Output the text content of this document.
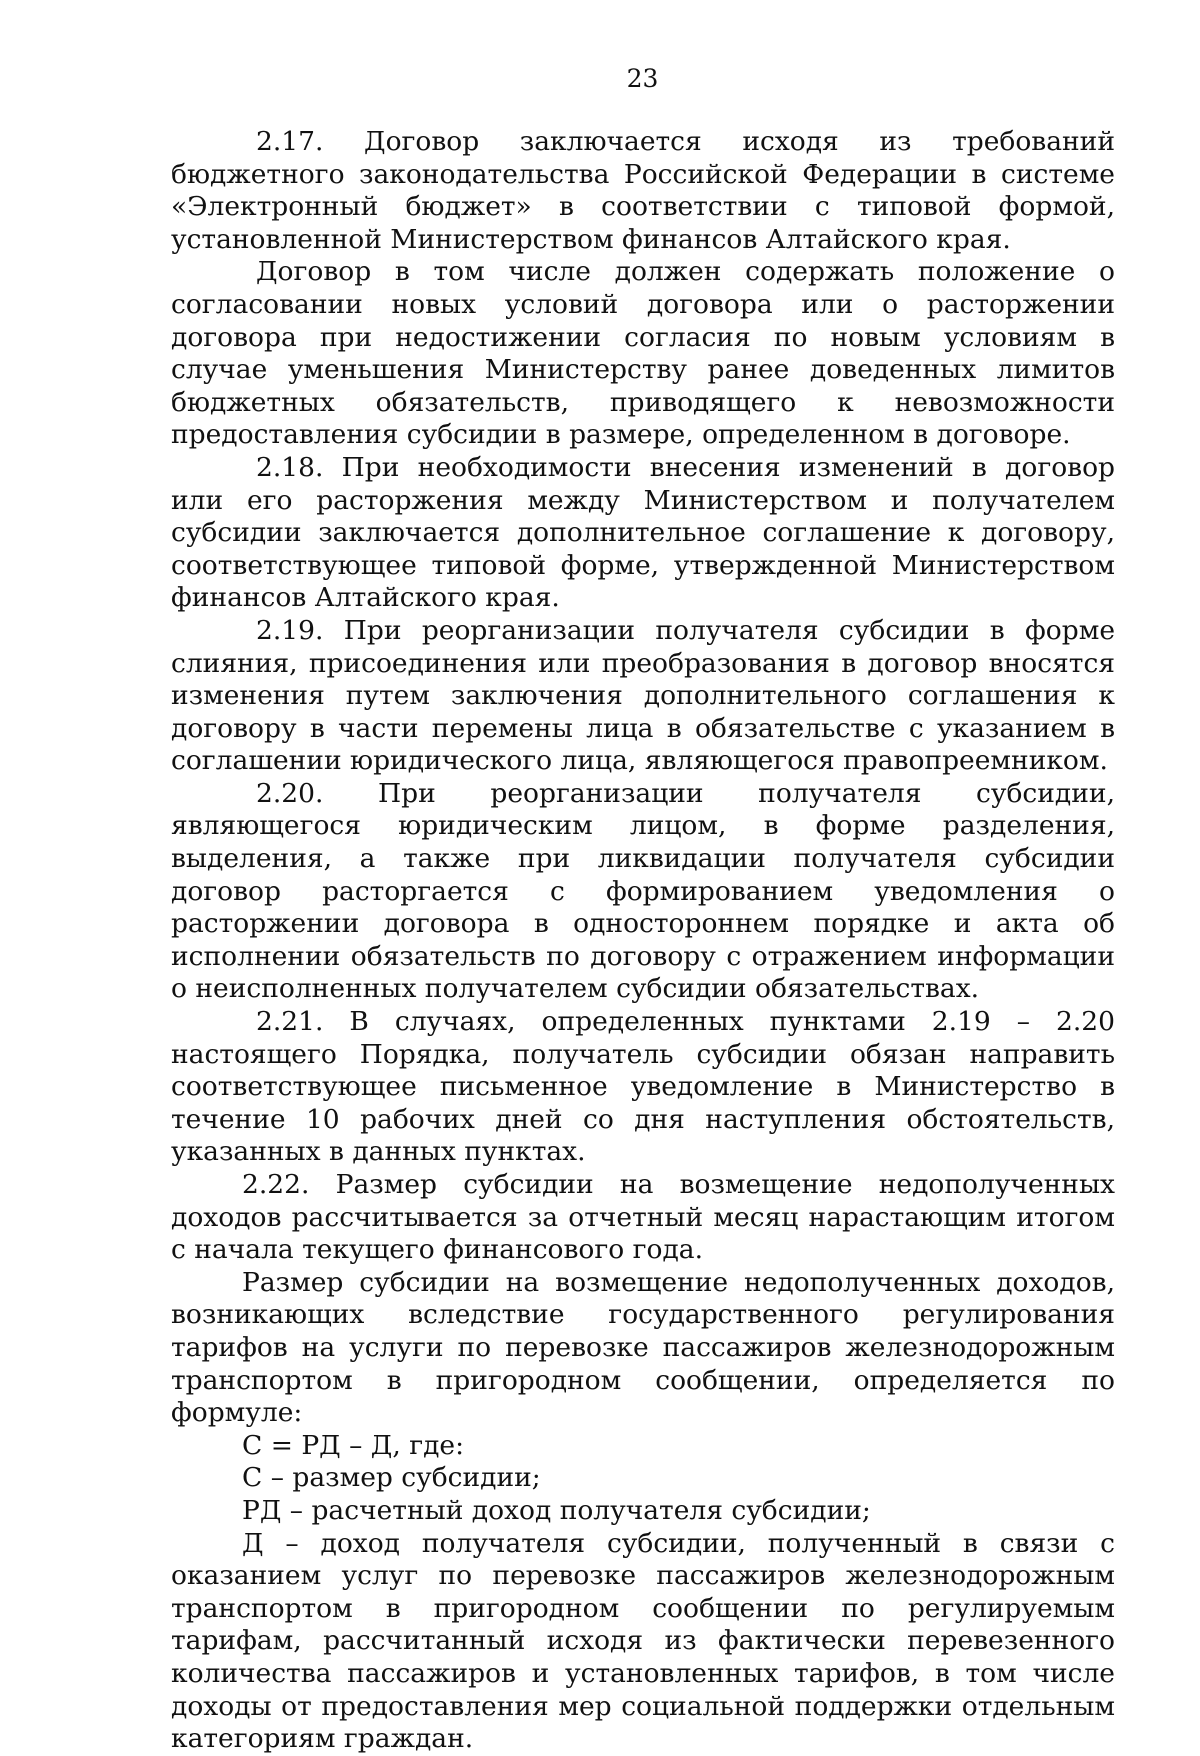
23

2.17. Договор заключается исходя из требований бюджетного законодательства Российской Федерации в системе «Электронный бюджет» в соответствии с типовой формой, установленной Министерством финансов Алтайского края.

Договор в том числе должен содержать положение о согласовании новых условий договора или о расторжении договора при недостижении согласия по новым условиям в случае уменьшения Министерству ранее доведенных лимитов бюджетных обязательств, приводящего к невозможности предоставления субсидии в размере, определенном в договоре.

2.18. При необходимости внесения изменений в договор или его расторжения между Министерством и получателем субсидии заключается дополнительное соглашение к договору, соответствующее типовой форме, утвержденной Министерством финансов Алтайского края.

2.19. При реорганизации получателя субсидии в форме слияния, присоединения или преобразования в договор вносятся изменения путем заключения дополнительного соглашения к договору в части перемены лица в обязательстве с указанием в соглашении юридического лица, являющегося правопреемником.

2.20. При реорганизации получателя субсидии, являющегося юридическим лицом, в форме разделения, выделения, а также при ликвидации получателя субсидии договор расторгается с формированием уведомления о расторжении договора в одностороннем порядке и акта об исполнении обязательств по договору с отражением информации о неисполненных получателем субсидии обязательствах.

2.21. В случаях, определенных пунктами 2.19 – 2.20 настоящего Порядка, получатель субсидии обязан направить соответствующее письменное уведомление в Министерство в течение 10 рабочих дней со дня наступления обстоятельств, указанных в данных пунктах.

2.22. Размер субсидии на возмещение недополученных доходов рассчитывается за отчетный месяц нарастающим итогом с начала текущего финансового года.

Размер субсидии на возмещение недополученных доходов, возникающих вследствие государственного регулирования тарифов на услуги по перевозке пассажиров железнодорожным транспортом в пригородном сообщении, определяется по формуле:

С = РД – Д, где:

С – размер субсидии;

РД – расчетный доход получателя субсидии;

Д – доход получателя субсидии, полученный в связи с оказанием услуг по перевозке пассажиров железнодорожным транспортом в пригородном сообщении по регулируемым тарифам, рассчитанный исходя из фактически перевезенного количества пассажиров и установленных тарифов, в том числе доходы от предоставления мер социальной поддержки отдельным категориям граждан.
